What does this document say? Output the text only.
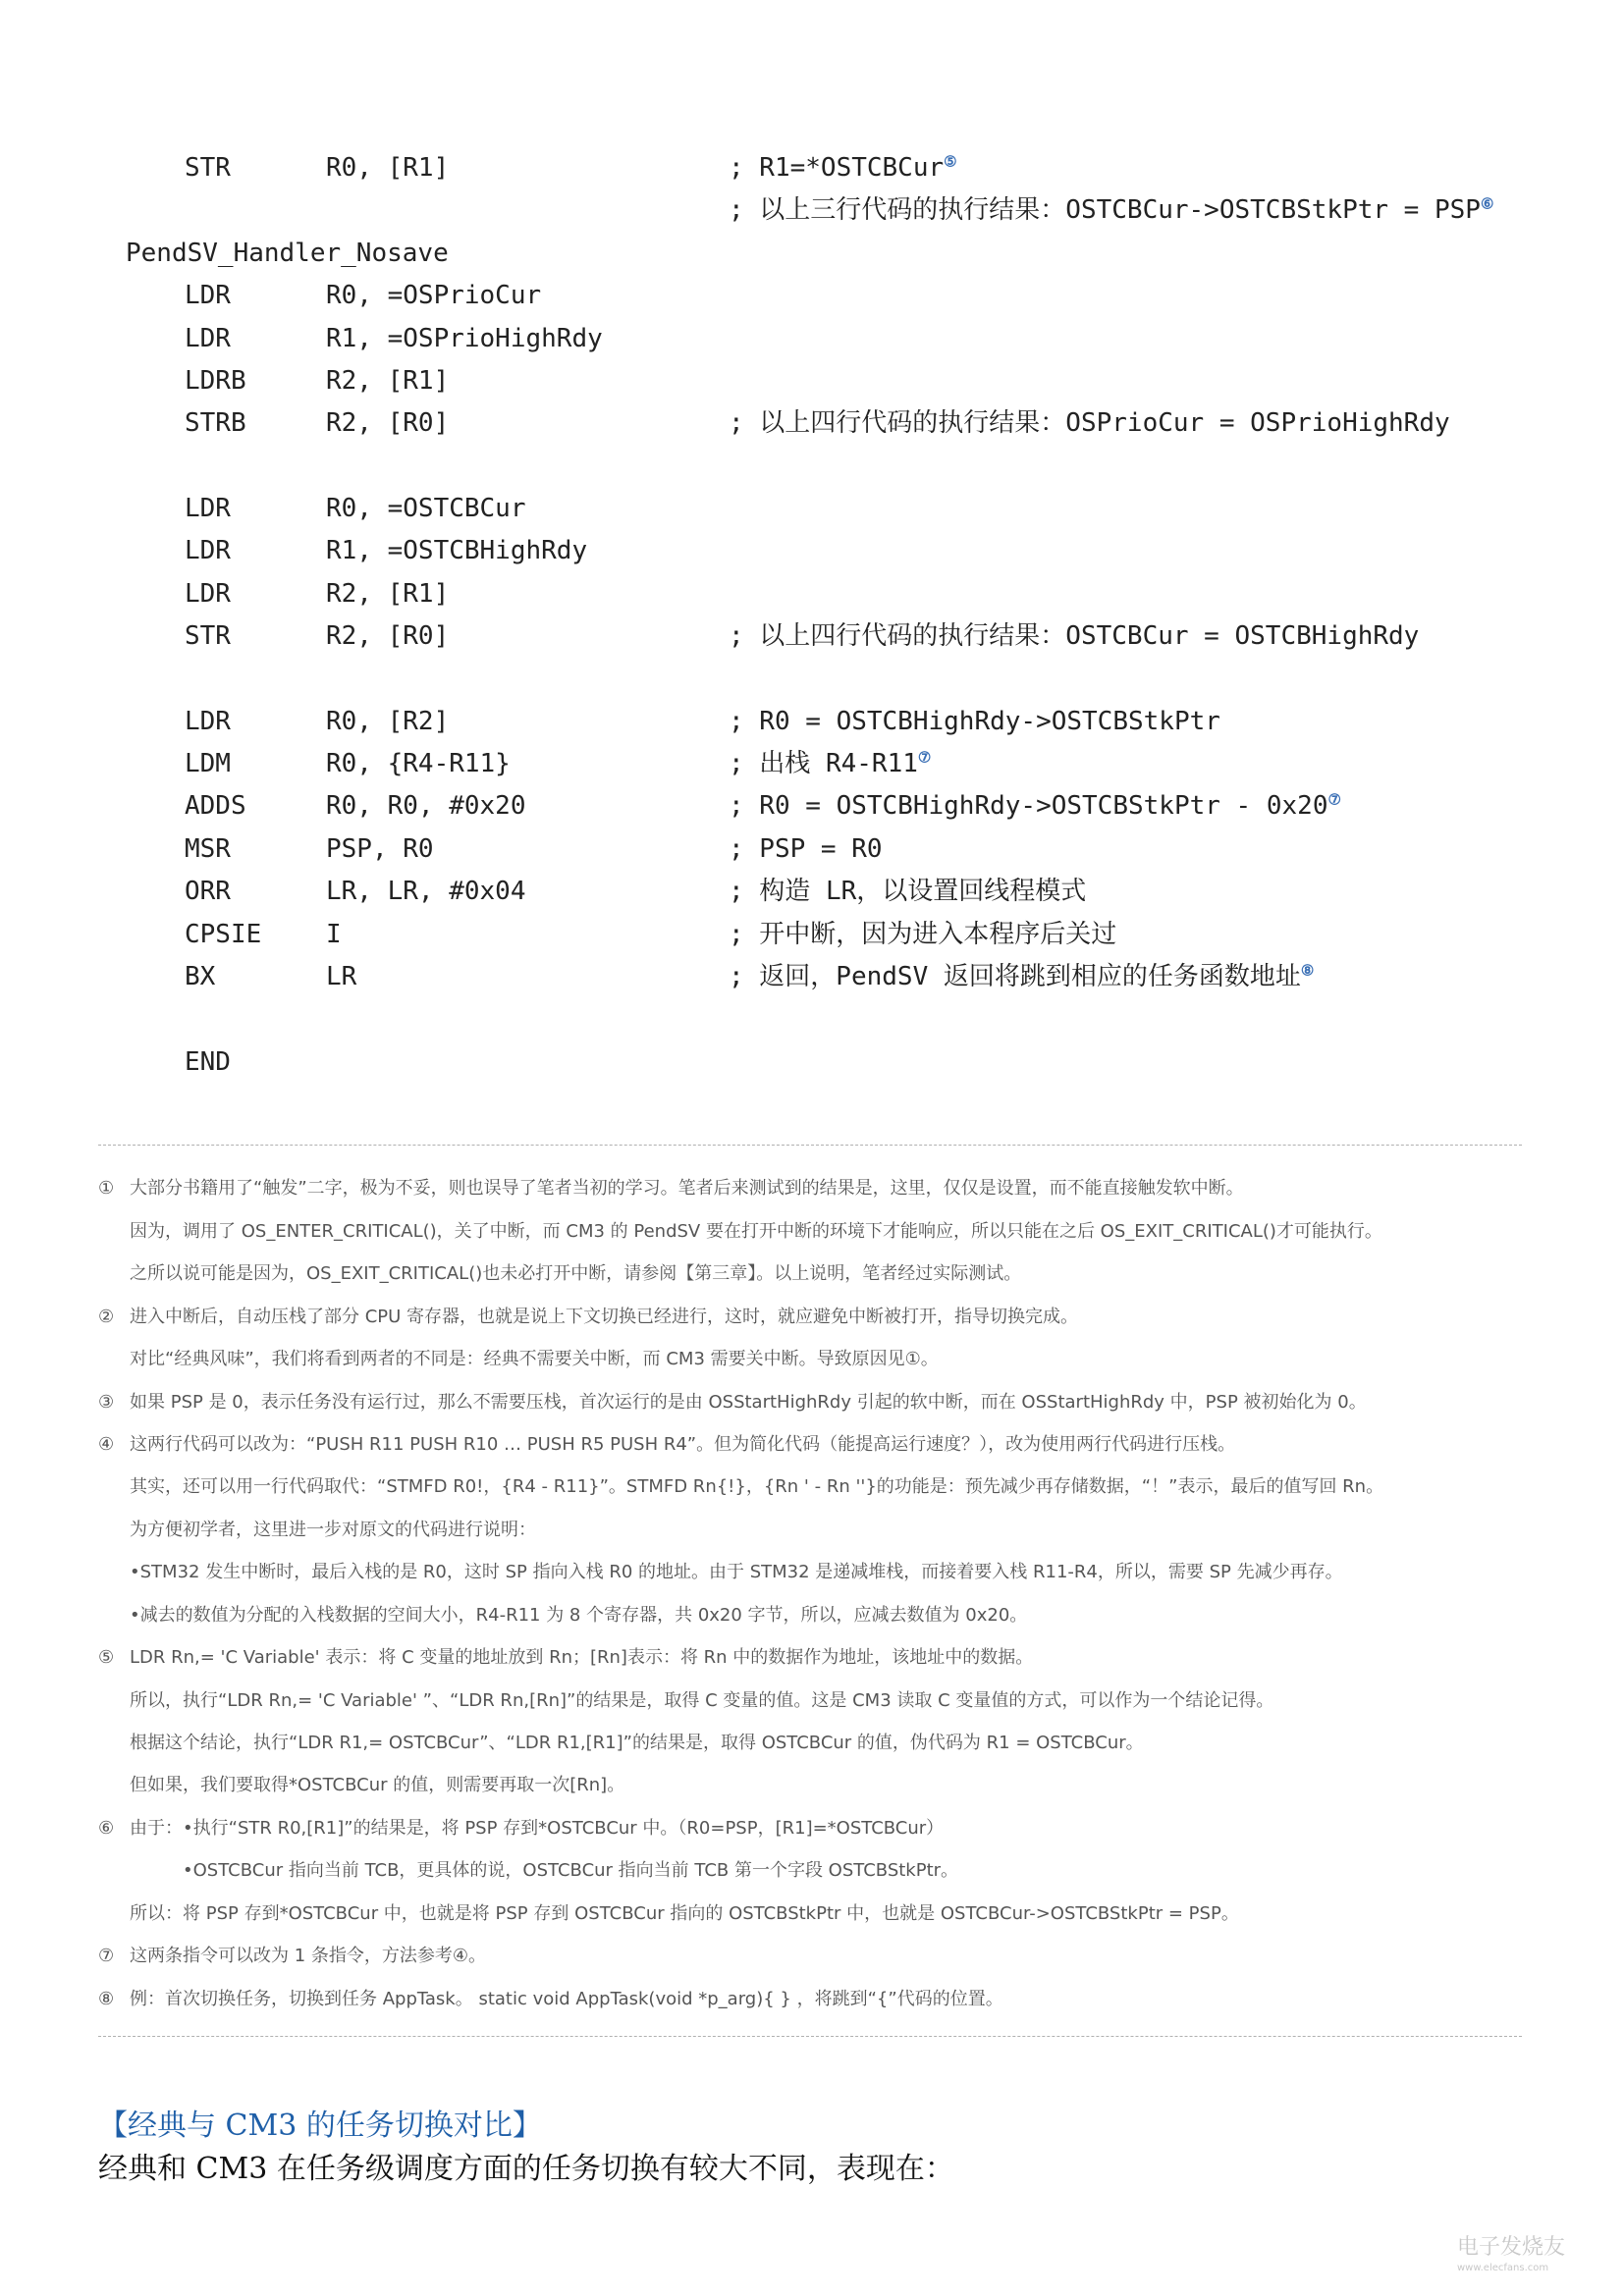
STR	R0, [R1]	; R1=*OSTCBCur⑤
; 以上三行代码的执行结果：OSTCBCur->OSTCBStkPtr = PSP⑥
PendSV_Handler_Nosave
LDR	R0, =OSPrioCur
LDR	R1, =OSPrioHighRdy
LDRB	R2, [R1]
STRB	R2, [R0]	; 以上四行代码的执行结果：OSPrioCur = OSPrioHighRdy
LDR	R0, =OSTCBCur
LDR	R1, =OSTCBHighRdy
LDR	R2, [R1]
STR	R2, [R0]	; 以上四行代码的执行结果：OSTCBCur = OSTCBHighRdy
LDR	R0, [R2]	; R0 = OSTCBHighRdy->OSTCBStkPtr
LDM	R0, {R4-R11}	; 出栈 R4-R11⑦
ADDS	R0, R0, #0x20	; R0 = OSTCBHighRdy->OSTCBStkPtr - 0x20⑦
MSR	PSP, R0	; PSP = R0
ORR	LR, LR, #0x04	; 构造 LR，以设置回线程模式
CPSIE	I	; 开中断，因为进入本程序后关过
BX	LR	; 返回，PendSV 返回将跳到相应的任务函数地址⑧
END
① 大部分书籍用了“触发”二字，极为不妥，则也误导了笔者当初的学习。笔者后来测试到的结果是，这里，仅仅是设置，而不能直接触发软中断。
因为，调用了 OS_ENTER_CRITICAL()，关了中断，而 CM3 的 PendSV 要在打开中断的环境下才能响应，所以只能在之后 OS_EXIT_CRITICAL()才可能执行。
之所以说可能是因为，OS_EXIT_CRITICAL()也未必打开中断，请参阅【第三章】。以上说明，笔者经过实际测试。
② 进入中断后，自动压栈了部分 CPU 寄存器，也就是说上下文切换已经进行，这时，就应避免中断被打开，指导切换完成。
对比“经典风味”，我们将看到两者的不同是：经典不需要关中断，而 CM3 需要关中断。导致原因见①。
③ 如果 PSP 是 0，表示任务没有运行过，那么不需要压栈，首次运行的是由 OSStartHighRdy 引起的软中断，而在 OSStartHighRdy 中，PSP 被初始化为 0。
④ 这两行代码可以改为：“PUSH R11 PUSH R10 … PUSH R5 PUSH R4”。但为简化代码（能提高运行速度？），改为使用两行代码进行压栈。
其实，还可以用一行代码取代：“STMFD R0!，{R4 - R11}”。STMFD Rn{!}，{Rn ' - Rn ''}的功能是：预先减少再存储数据，“！”表示，最后的值写回 Rn。
为方便初学者，这里进一步对原文的代码进行说明：
•STM32 发生中断时，最后入栈的是 R0，这时 SP 指向入栈 R0 的地址。由于 STM32 是递减堆栈，而接着要入栈 R11-R4，所以，需要 SP 先减少再存。
•减去的数值为分配的入栈数据的空间大小，R4-R11 为 8 个寄存器，共 0x20 字节，所以，应减去数值为 0x20。
⑤ LDR Rn,= 'C Variable' 表示：将 C 变量的地址放到 Rn；[Rn]表示：将 Rn 中的数据作为地址，该地址中的数据。
所以，执行“LDR Rn,= 'C Variable' ”、“LDR Rn,[Rn]”的结果是，取得 C 变量的值。这是 CM3 读取 C 变量值的方式，可以作为一个结论记得。
根据这个结论，执行“LDR R1,= OSTCBCur”、“LDR R1,[R1]”的结果是，取得 OSTCBCur 的值，伪代码为 R1 = OSTCBCur。
但如果，我们要取得*OSTCBCur 的值，则需要再取一次[Rn]。
⑥ 由于：•执行“STR R0,[R1]”的结果是，将 PSP 存到*OSTCBCur 中。（R0=PSP，[R1]=*OSTCBCur）
•OSTCBCur 指向当前 TCB，更具体的说，OSTCBCur 指向当前 TCB 第一个字段 OSTCBStkPtr。
所以：将 PSP 存到*OSTCBCur 中，也就是将 PSP 存到 OSTCBCur 指向的 OSTCBStkPtr 中，也就是 OSTCBCur->OSTCBStkPtr = PSP。
⑦ 这两条指令可以改为 1 条指令，方法参考④。
⑧ 例：首次切换任务，切换到任务 AppTask。 static void AppTask(void *p_arg){ } ，将跳到“{”代码的位置。
【经典与 CM3 的任务切换对比】
经典和 CM3 在任务级调度方面的任务切换有较大不同，表现在：
电子发烧友
www.elecfans.com
